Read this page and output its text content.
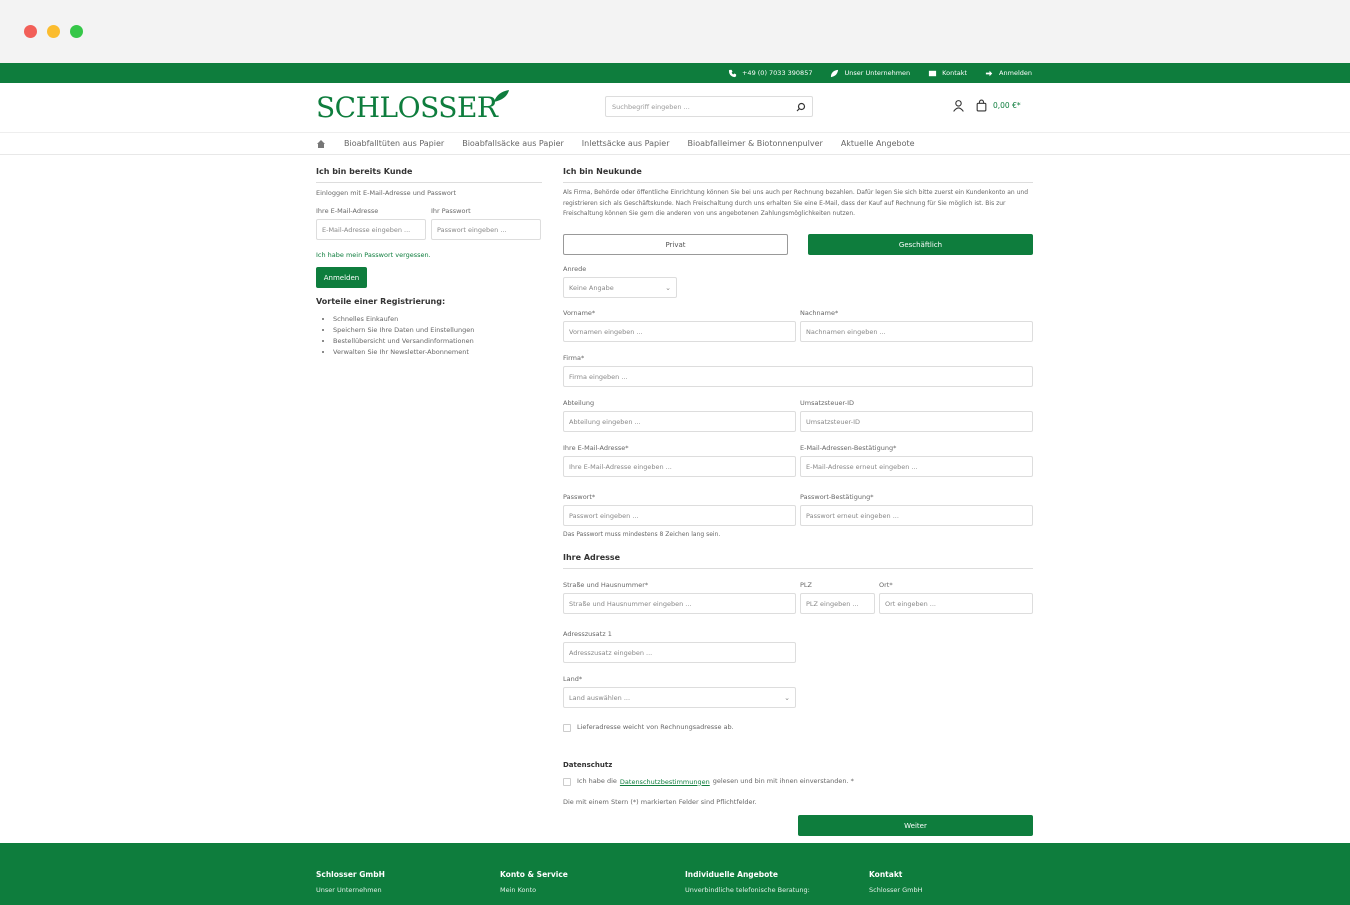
+49 (0) 7033 390857	Unser Unternehmen	Kontakt	Anmelden
SCHLOSSER	Suchbegriff eingeben ...	0,00 €*
Bioabfalltüten aus Papier Bioabfallsäcke aus Papier Inlettsäcke aus Papier Bioabfalleimer & Biotonnenpulver Aktuelle Angebote
Ich bin bereits Kunde
Einloggen mit E-Mail-Adresse und Passwort
Ihre E-Mail-Adresse
E-Mail-Adresse eingeben ...
Ihr Passwort
Passwort eingeben ...
Ich habe mein Passwort vergessen.
Anmelden
Vorteile einer Registrierung:
• Schnelles Einkaufen
• Speichern Sie Ihre Daten und Einstellungen
• Bestellübersicht und Versandinformationen
• Verwalten Sie Ihr Newsletter-Abonnement
Ich bin Neukunde
Als Firma, Behörde oder öffentliche Einrichtung können Sie bei uns auch per Rechnung bezahlen. Dafür legen Sie sich bitte zuerst ein Kundenkonto an und registrieren sich als Geschäftskunde. Nach Freischaltung durch uns erhalten Sie eine E-Mail, dass der Kauf auf Rechnung für Sie möglich ist. Bis zur Freischaltung können Sie gern die anderen von uns angebotenen Zahlungsmöglichkeiten nutzen.
Privat	Geschäftlich
Anrede
Keine Angabe	⌄
Vorname*
Vornamen eingeben ...
Nachname*
Nachnamen eingeben ...
Firma*
Firma eingeben ...
Abteilung
Abteilung eingeben ...
Umsatzsteuer-ID
Umsatzsteuer-ID
Ihre E-Mail-Adresse*
Ihre E-Mail-Adresse eingeben ...
E-Mail-Adressen-Bestätigung*
E-Mail-Adresse erneut eingeben ...
Passwort*
Passwort eingeben ...
Das Passwort muss mindestens 8 Zeichen lang sein.
Passwort-Bestätigung*
Passwort erneut eingeben ...
Ihre Adresse
Straße und Hausnummer*
Straße und Hausnummer eingeben ...
PLZ
PLZ eingeben ...
Ort*
Ort eingeben ...
Adresszusatz 1
Adresszusatz eingeben ...
Land*
Land auswählen ...	⌄
Lieferadresse weicht von Rechnungsadresse ab.
Datenschutz
Ich habe die Datenschutzbestimmungen gelesen und bin mit ihnen einverstanden. *
Die mit einem Stern (*) markierten Felder sind Pflichtfelder.
Weiter
Schlosser GmbH
Unser Unternehmen
Konto & Service
Mein Konto
Individuelle Angebote
Unverbindliche telefonische Beratung:
Kontakt
Schlosser GmbH
